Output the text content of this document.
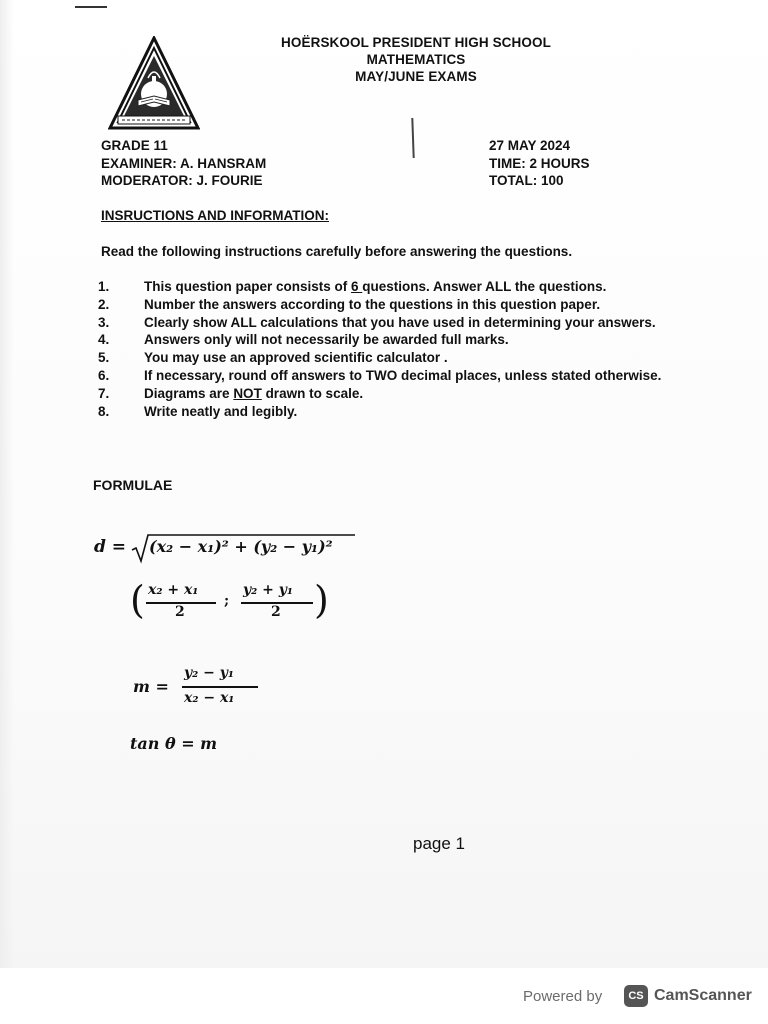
HOËRSKOOL PRESIDENT HIGH SCHOOL
MATHEMATICS
MAY/JUNE EXAMS
GRADE 11
EXAMINER: A. HANSRAM
MODERATOR: J. FOURIE
27 MAY 2024
TIME: 2 HOURS
TOTAL: 100
INSRUCTIONS AND INFORMATION:
Read the following instructions carefully before answering the questions.
1.	This question paper consists of 6 questions. Answer ALL the questions.
2.	Number the answers according to the questions in this question paper.
3.	Clearly show ALL calculations that you have used in determining your answers.
4.	Answers only will not necessarily be awarded full marks.
5.	You may use an approved scientific calculator .
6.	If necessary, round off answers to TWO decimal places, unless stated otherwise.
7.	Diagrams are NOT drawn to scale.
8.	Write neatly and legibly.
FORMULAE
d = (x₂ − x₁)² + (y₂ − y₁)²
( x₂ + x₁
2
;
y₂ + y₁
2 )
m =
y₂ − y₁
x₂ − x₁
tan θ = m
page 1
Powered by	CS CamScanner
